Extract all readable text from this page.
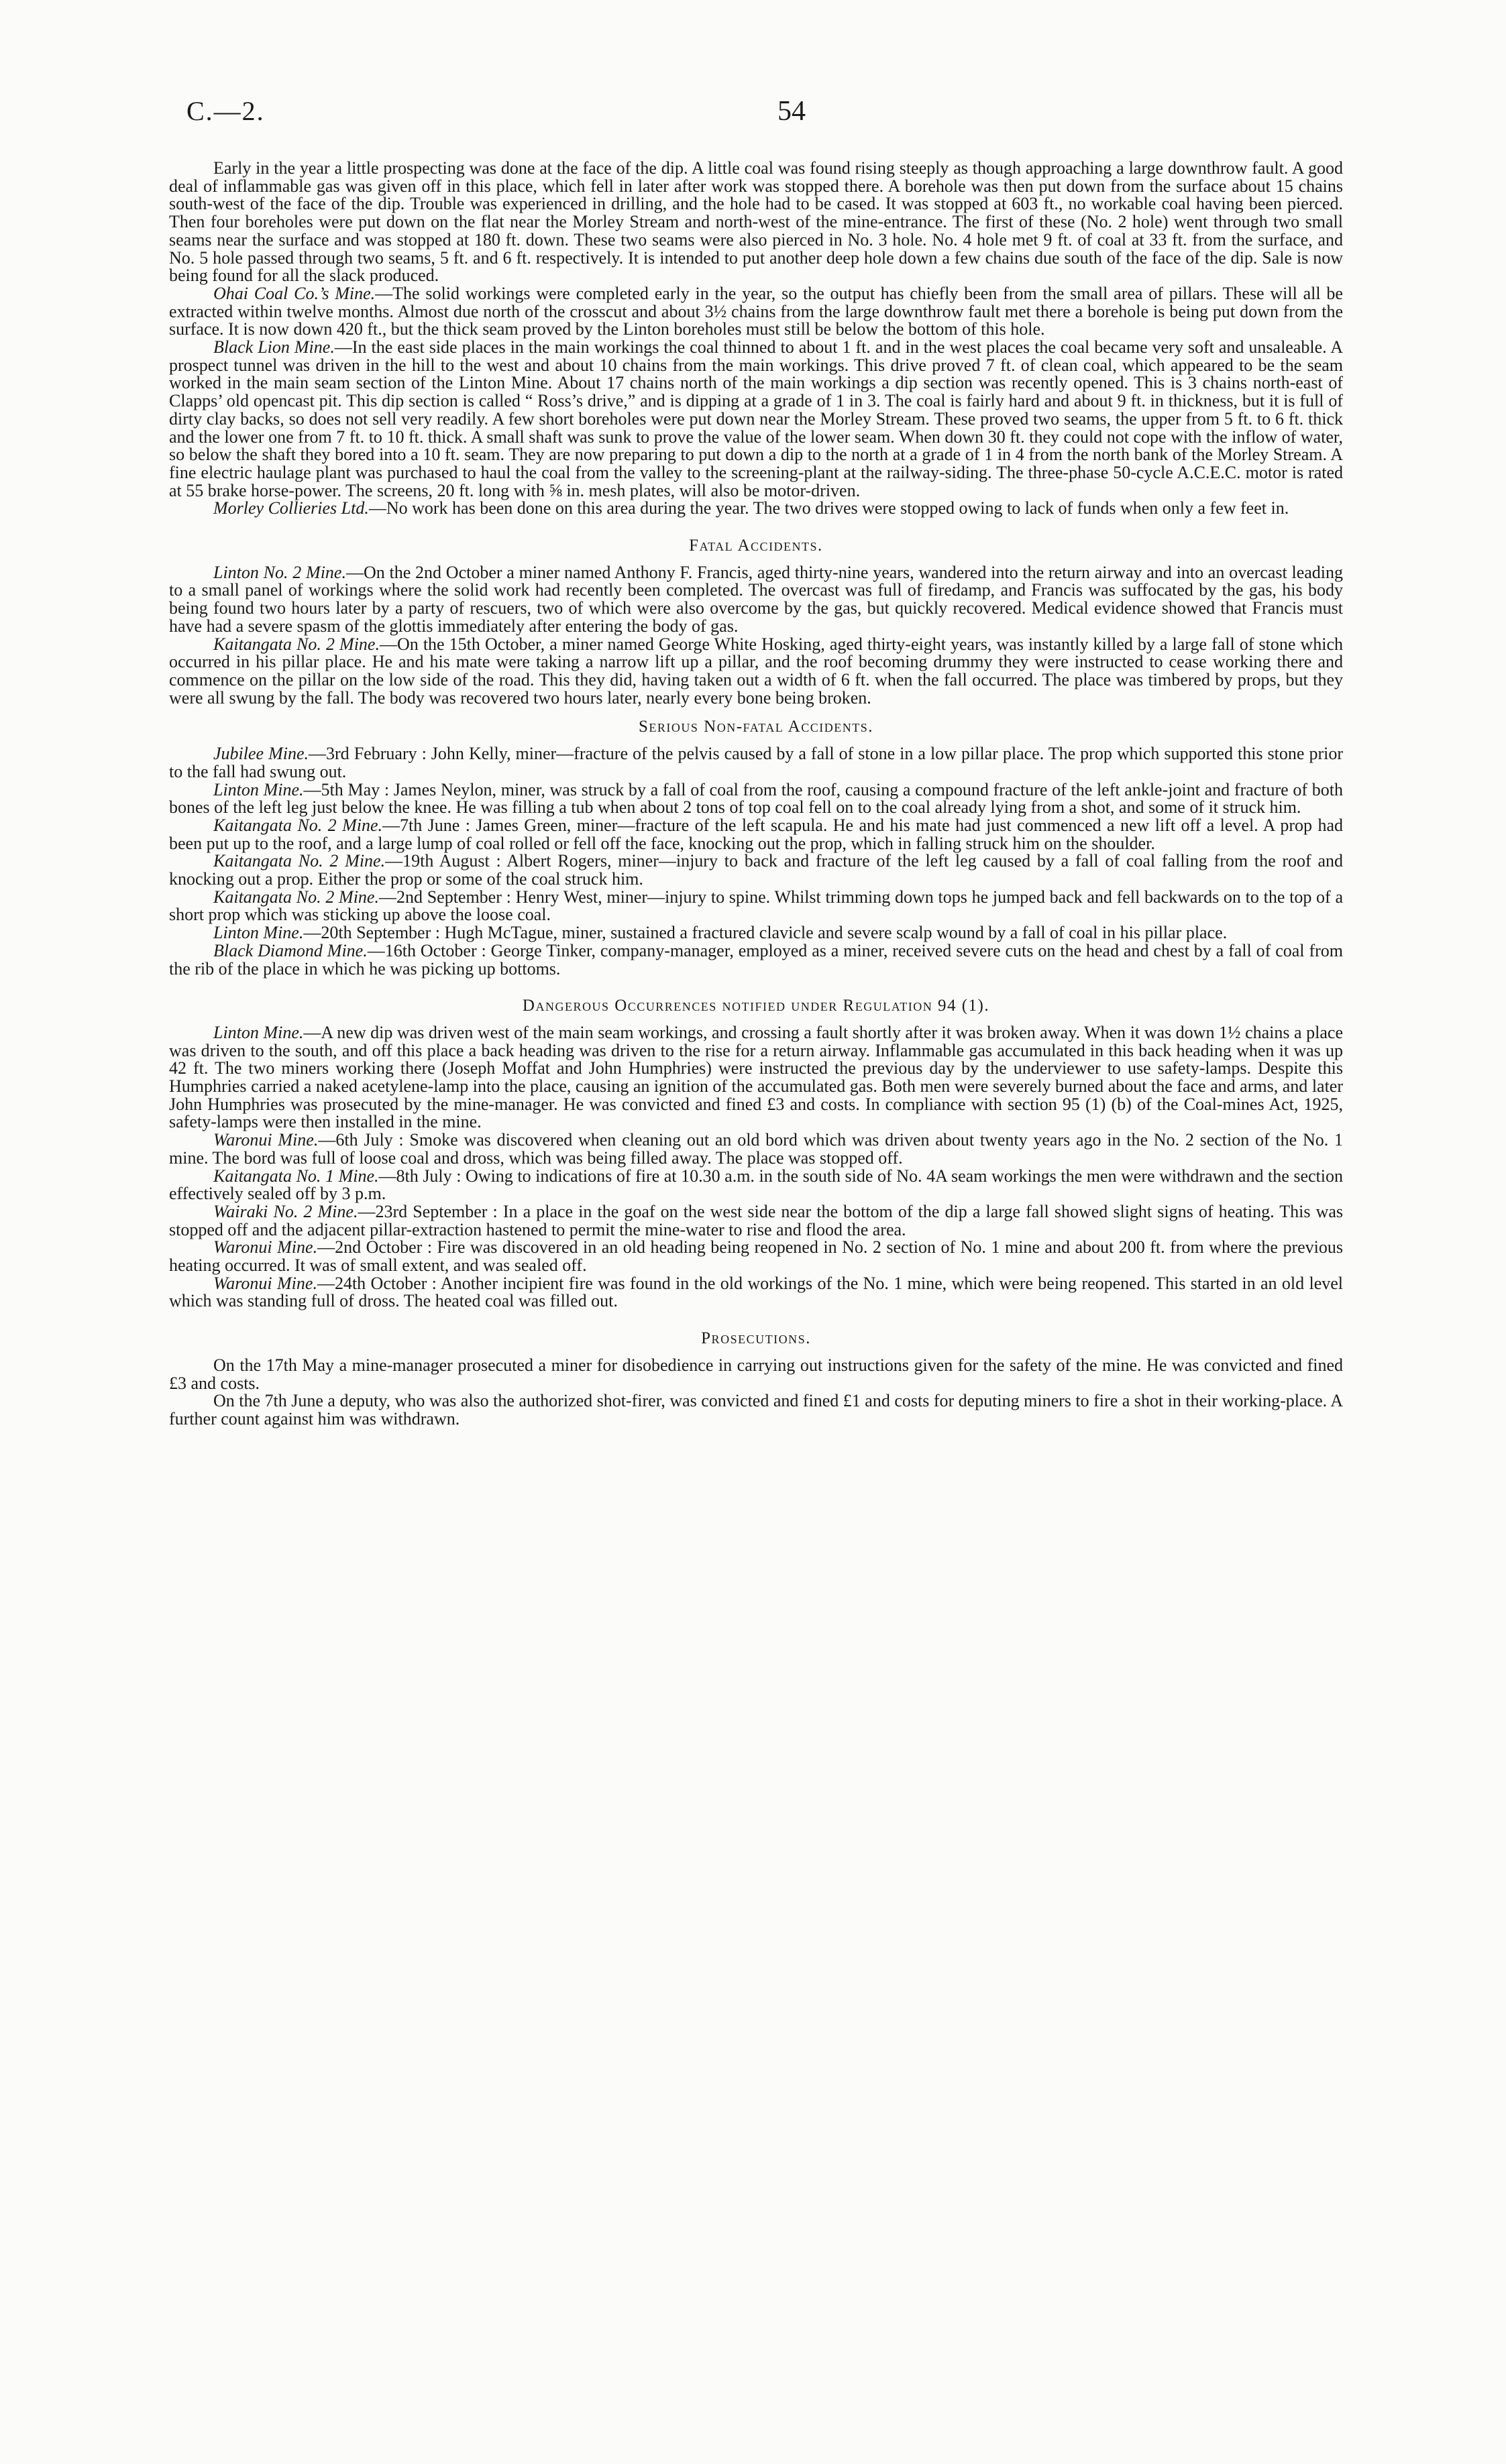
C.—2.	54

Early in the year a little prospecting was done at the face of the dip. A little coal was found rising steeply as though approaching a large downthrow fault. A good deal of inflammable gas was given off in this place, which fell in later after work was stopped there. A borehole was then put down from the surface about 15 chains south-west of the face of the dip. Trouble was experienced in drilling, and the hole had to be cased. It was stopped at 603 ft., no workable coal having been pierced. Then four boreholes were put down on the flat near the Morley Stream and north-west of the mine-entrance. The first of these (No. 2 hole) went through two small seams near the surface and was stopped at 180 ft. down. These two seams were also pierced in No. 3 hole. No. 4 hole met 9 ft. of coal at 33 ft. from the surface, and No. 5 hole passed through two seams, 5 ft. and 6 ft. respectively. It is intended to put another deep hole down a few chains due south of the face of the dip. Sale is now being found for all the slack produced.

Ohai Coal Co.’s Mine.—The solid workings were completed early in the year, so the output has chiefly been from the small area of pillars. These will all be extracted within twelve months. Almost due north of the crosscut and about 3½ chains from the large downthrow fault met there a borehole is being put down from the surface. It is now down 420 ft., but the thick seam proved by the Linton boreholes must still be below the bottom of this hole.

Black Lion Mine.—In the east side places in the main workings the coal thinned to about 1 ft. and in the west places the coal became very soft and unsaleable. A prospect tunnel was driven in the hill to the west and about 10 chains from the main workings. This drive proved 7 ft. of clean coal, which appeared to be the seam worked in the main seam section of the Linton Mine. About 17 chains north of the main workings a dip section was recently opened. This is 3 chains north-east of Clapps’ old opencast pit. This dip section is called “ Ross’s drive,” and is dipping at a grade of 1 in 3. The coal is fairly hard and about 9 ft. in thickness, but it is full of dirty clay backs, so does not sell very readily. A few short boreholes were put down near the Morley Stream. These proved two seams, the upper from 5 ft. to 6 ft. thick and the lower one from 7 ft. to 10 ft. thick. A small shaft was sunk to prove the value of the lower seam. When down 30 ft. they could not cope with the inflow of water, so below the shaft they bored into a 10 ft. seam. They are now preparing to put down a dip to the north at a grade of 1 in 4 from the north bank of the Morley Stream. A fine electric haulage plant was purchased to haul the coal from the valley to the screening-plant at the railway-siding. The three-phase 50-cycle A.C.E.C. motor is rated at 55 brake horse-power. The screens, 20 ft. long with ⅝ in. mesh plates, will also be motor-driven.

Morley Collieries Ltd.—No work has been done on this area during the year. The two drives were stopped owing to lack of funds when only a few feet in.

Fatal Accidents.

Linton No. 2 Mine.—On the 2nd October a miner named Anthony F. Francis, aged thirty-nine years, wandered into the return airway and into an overcast leading to a small panel of workings where the solid work had recently been completed. The overcast was full of firedamp, and Francis was suffocated by the gas, his body being found two hours later by a party of rescuers, two of which were also overcome by the gas, but quickly recovered. Medical evidence showed that Francis must have had a severe spasm of the glottis immediately after entering the body of gas.

Kaitangata No. 2 Mine.—On the 15th October, a miner named George White Hosking, aged thirty-eight years, was instantly killed by a large fall of stone which occurred in his pillar place. He and his mate were taking a narrow lift up a pillar, and the roof becoming drummy they were instructed to cease working there and commence on the pillar on the low side of the road. This they did, having taken out a width of 6 ft. when the fall occurred. The place was timbered by props, but they were all swung by the fall. The body was recovered two hours later, nearly every bone being broken.

Serious Non-fatal Accidents.

Jubilee Mine.—3rd February : John Kelly, miner—fracture of the pelvis caused by a fall of stone in a low pillar place. The prop which supported this stone prior to the fall had swung out.

Linton Mine.—5th May : James Neylon, miner, was struck by a fall of coal from the roof, causing a compound fracture of the left ankle-joint and fracture of both bones of the left leg just below the knee. He was filling a tub when about 2 tons of top coal fell on to the coal already lying from a shot, and some of it struck him.

Kaitangata No. 2 Mine.—7th June : James Green, miner—fracture of the left scapula. He and his mate had just commenced a new lift off a level. A prop had been put up to the roof, and a large lump of coal rolled or fell off the face, knocking out the prop, which in falling struck him on the shoulder.

Kaitangata No. 2 Mine.—19th August : Albert Rogers, miner—injury to back and fracture of the left leg caused by a fall of coal falling from the roof and knocking out a prop. Either the prop or some of the coal struck him.

Kaitangata No. 2 Mine.—2nd September : Henry West, miner—injury to spine. Whilst trimming down tops he jumped back and fell backwards on to the top of a short prop which was sticking up above the loose coal.

Linton Mine.—20th September : Hugh McTague, miner, sustained a fractured clavicle and severe scalp wound by a fall of coal in his pillar place.

Black Diamond Mine.—16th October : George Tinker, company-manager, employed as a miner, received severe cuts on the head and chest by a fall of coal from the rib of the place in which he was picking up bottoms.

Dangerous Occurrences notified under Regulation 94 (1).

Linton Mine.—A new dip was driven west of the main seam workings, and crossing a fault shortly after it was broken away. When it was down 1½ chains a place was driven to the south, and off this place a back heading was driven to the rise for a return airway. Inflammable gas accumulated in this back heading when it was up 42 ft. The two miners working there (Joseph Moffat and John Humphries) were instructed the previous day by the underviewer to use safety-lamps. Despite this Humphries carried a naked acetylene-lamp into the place, causing an ignition of the accumulated gas. Both men were severely burned about the face and arms, and later John Humphries was prosecuted by the mine-manager. He was convicted and fined £3 and costs. In compliance with section 95 (1) (b) of the Coal-mines Act, 1925, safety-lamps were then installed in the mine.

Waronui Mine.—6th July : Smoke was discovered when cleaning out an old bord which was driven about twenty years ago in the No. 2 section of the No. 1 mine. The bord was full of loose coal and dross, which was being filled away. The place was stopped off.

Kaitangata No. 1 Mine.—8th July : Owing to indications of fire at 10.30 a.m. in the south side of No. 4A seam workings the men were withdrawn and the section effectively sealed off by 3 p.m.

Wairaki No. 2 Mine.—23rd September : In a place in the goaf on the west side near the bottom of the dip a large fall showed slight signs of heating. This was stopped off and the adjacent pillar-extraction hastened to permit the mine-water to rise and flood the area.

Waronui Mine.—2nd October : Fire was discovered in an old heading being reopened in No. 2 section of No. 1 mine and about 200 ft. from where the previous heating occurred. It was of small extent, and was sealed off.

Waronui Mine.—24th October : Another incipient fire was found in the old workings of the No. 1 mine, which were being reopened. This started in an old level which was standing full of dross. The heated coal was filled out.

Prosecutions.

On the 17th May a mine-manager prosecuted a miner for disobedience in carrying out instructions given for the safety of the mine. He was convicted and fined £3 and costs.

On the 7th June a deputy, who was also the authorized shot-firer, was convicted and fined £1 and costs for deputing miners to fire a shot in their working-place. A further count against him was withdrawn.
